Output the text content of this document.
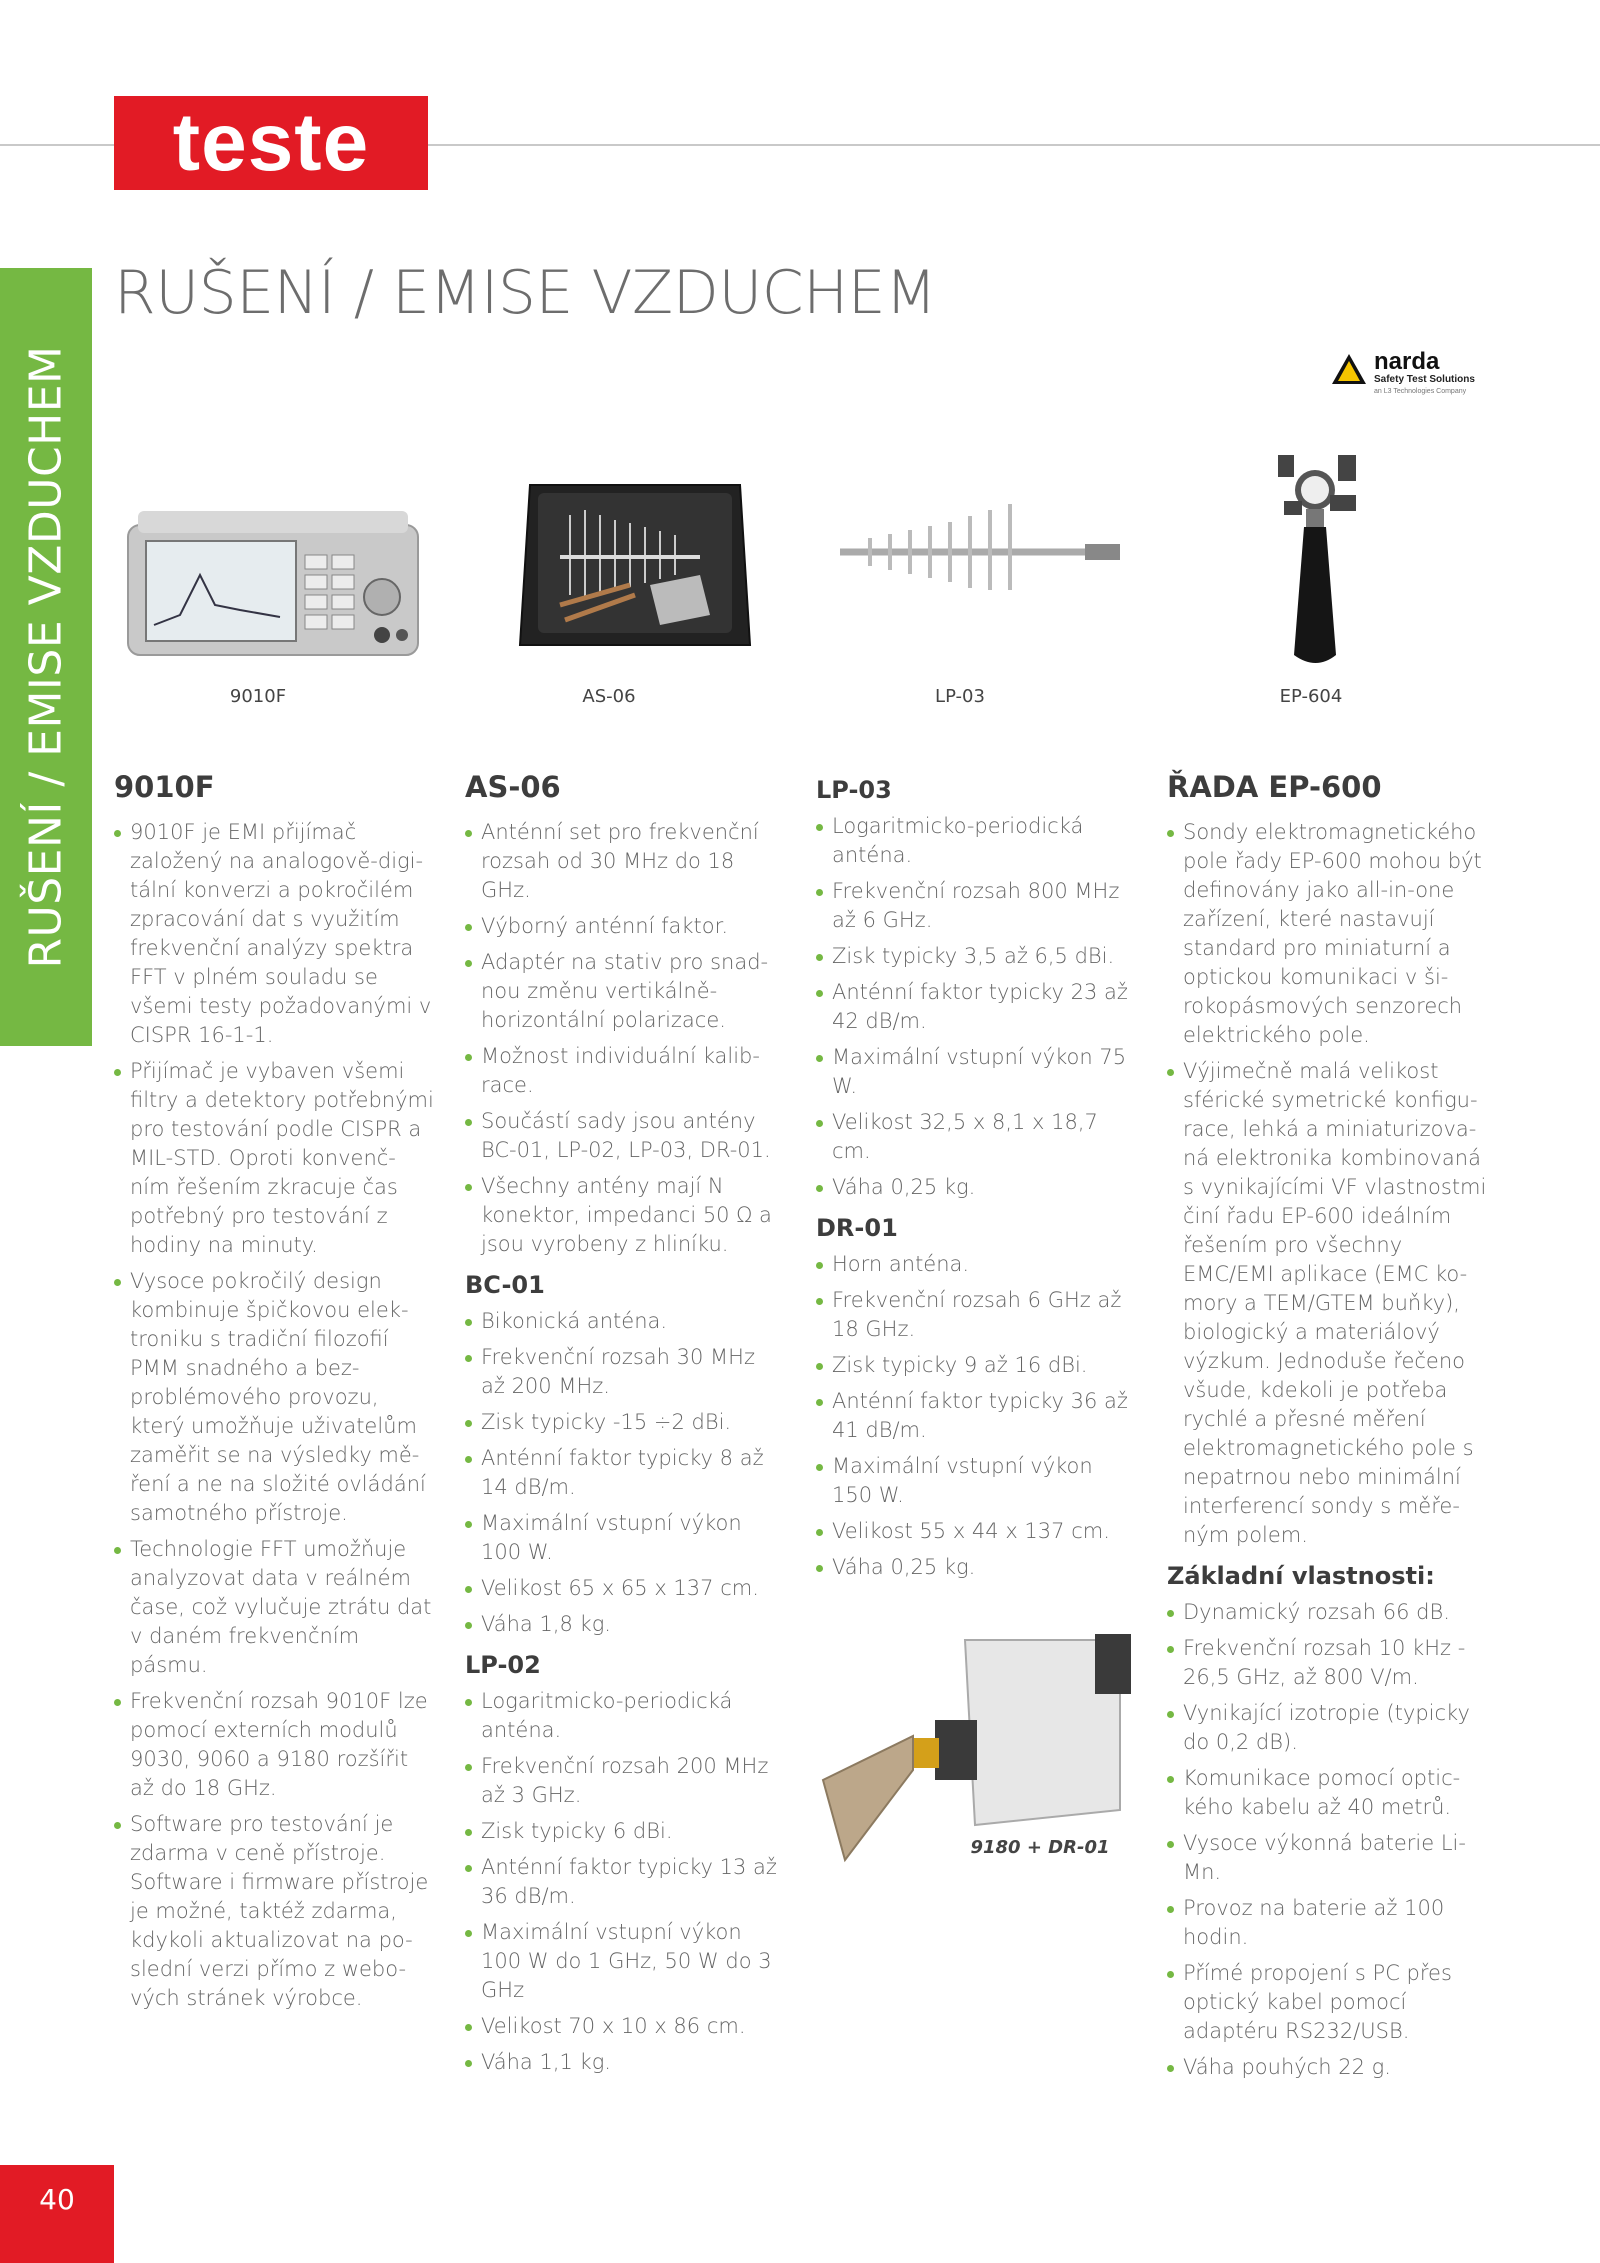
teste
RUŠENÍ / EMISE VZDUCHEM
RUŠENÍ / EMISE VZDUCHEM
narda
Safety Test Solutions
an L3 Technologies Company
9010F	AS-06	LP-03	EP-604
9010F
9010F je EMI přijímač založený na analogově-digi-tální konverzi a pokročilém zpracování dat s využitím frekvenční analýzy spektra FFT v plném souladu se všemi testy požadovanými v CISPR 16-1-1.
Přijímač je vybaven všemi filtry a detektory potřebnými pro testování podle CISPR a MIL-STD. Oproti konvenč-ním řešením zkracuje čas potřebný pro testování z hodiny na minuty.
Vysoce pokročilý design kombinuje špičkovou elek-troniku s tradiční filozofií PMM snadného a bez-problémového provozu, který umožňuje uživatelům zaměřit se na výsledky mě-ření a ne na složité ovládání samotného přístroje.
Technologie FFT umožňuje analyzovat data v reálném čase, což vylučuje ztrátu dat v daném frekvenčním pásmu.
Frekvenční rozsah 9010F lze pomocí externích modulů 9030, 9060 a 9180 rozšířit až do 18 GHz.
Software pro testování je zdarma v ceně přístroje. Software i firmware přístroje je možné, taktéž zdarma, kdykoli aktualizovat na po-slední verzi přímo z webo-vých stránek výrobce.
AS-06
Anténní set pro frekvenční rozsah od 30 MHz do 18 GHz.
Výborný anténní faktor.
Adaptér na stativ pro snad-nou změnu vertikálně-horizontální polarizace.
Možnost individuální kalib-race.
Součástí sady jsou antény BC-01, LP-02, LP-03, DR-01.
Všechny antény mají N konektor, impedanci 50 Ω a jsou vyrobeny z hliníku.
BC-01
Bikonická anténa.
Frekvenční rozsah 30 MHz až 200 MHz.
Zisk typicky -15 ÷2 dBi.
Anténní faktor typicky 8 až 14 dB/m.
Maximální vstupní výkon 100 W.
Velikost 65 x 65 x 137 cm.
Váha 1,8 kg.
LP-02
Logaritmicko-periodická anténa.
Frekvenční rozsah 200 MHz až 3 GHz.
Zisk typicky 6 dBi.
Anténní faktor typicky 13 až 36 dB/m.
Maximální vstupní výkon 100 W do 1 GHz, 50 W do 3 GHz
Velikost 70 x 10 x 86 cm.
Váha 1,1 kg.
LP-03
Logaritmicko-periodická anténa.
Frekvenční rozsah 800 MHz až 6 GHz.
Zisk typicky 3,5 až 6,5 dBi.
Anténní faktor typicky 23 až 42 dB/m.
Maximální vstupní výkon 75 W.
Velikost 32,5 x 8,1 x 18,7 cm.
Váha 0,25 kg.
DR-01
Horn anténa.
Frekvenční rozsah 6 GHz až 18 GHz.
Zisk typicky 9 až 16 dBi.
Anténní faktor typicky 36 až 41 dB/m.
Maximální vstupní výkon 150 W.
Velikost 55 x 44 x 137 cm.
Váha 0,25 kg.
9180 + DR-01
ŘADA EP-600
Sondy elektromagnetického pole řady EP-600 mohou být definovány jako all-in-one zařízení, které nastavují standard pro miniaturní a optickou komunikaci v ši-rokopásmových senzorech elektrického pole.
Výjimečně malá velikost sférické symetrické konfigu-race, lehká a miniaturizova-ná elektronika kombinovaná s vynikajícími VF vlastnostmi činí řadu EP-600 ideálním řešením pro všechny EMC/EMI aplikace (EMC ko-mory a TEM/GTEM buňky), biologický a materiálový výzkum. Jednoduše řečeno všude, kdekoli je potřeba rychlé a přesné měření elektromagnetického pole s nepatrnou nebo minimální interferencí sondy s měře-ným polem.
Základní vlastnosti:
Dynamický rozsah 66 dB.
Frekvenční rozsah 10 kHz - 26,5 GHz, až 800 V/m.
Vynikající izotropie (typicky do 0,2 dB).
Komunikace pomocí optic-kého kabelu až 40 metrů.
Vysoce výkonná baterie Li-Mn.
Provoz na baterie až 100 hodin.
Přímé propojení s PC přes optický kabel pomocí adaptéru RS232/USB.
Váha pouhých 22 g.
40
